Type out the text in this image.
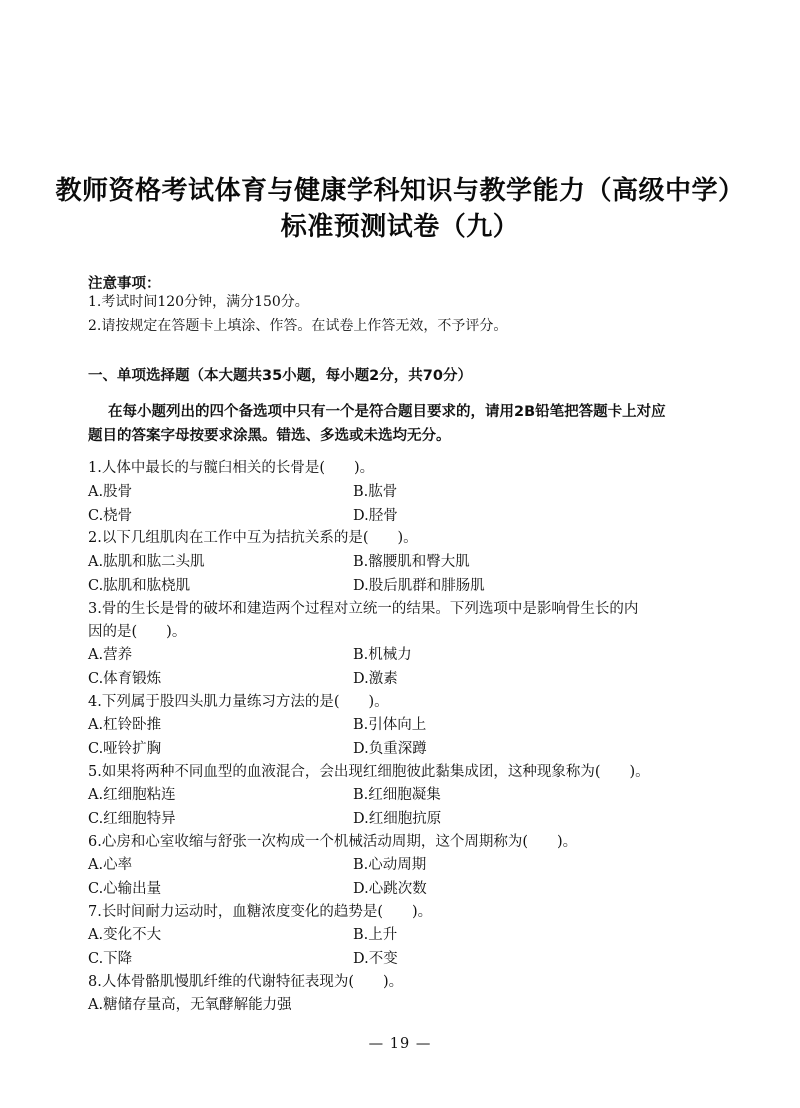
教师资格考试体育与健康学科知识与教学能力（高级中学）
标准预测试卷（九）
注意事项：
1.考试时间120分钟，满分150分。
2.请按规定在答题卡上填涂、作答。在试卷上作答无效，不予评分。
一、单项选择题（本大题共35小题，每小题2分，共70分）
在每小题列出的四个备选项中只有一个是符合题目要求的，请用2B铅笔把答题卡上对应
题目的答案字母按要求涂黑。错选、多选或未选均无分。
1.人体中最长的与髋臼相关的长骨是(　　)。
A.股骨	B.肱骨
C.桡骨	D.胫骨
2.以下几组肌肉在工作中互为拮抗关系的是(　　)。
A.肱肌和肱二头肌	B.髂腰肌和臀大肌
C.肱肌和肱桡肌	D.股后肌群和腓肠肌
3.骨的生长是骨的破坏和建造两个过程对立统一的结果。下列选项中是影响骨生长的内
因的是(　　)。
A.营养	B.机械力
C.体育锻炼	D.激素
4.下列属于股四头肌力量练习方法的是(　　)。
A.杠铃卧推	B.引体向上
C.哑铃扩胸	D.负重深蹲
5.如果将两种不同血型的血液混合，会出现红细胞彼此黏集成团，这种现象称为(　　)。
A.红细胞粘连	B.红细胞凝集
C.红细胞特异	D.红细胞抗原
6.心房和心室收缩与舒张一次构成一个机械活动周期，这个周期称为(　　)。
A.心率	B.心动周期
C.心输出量	D.心跳次数
7.长时间耐力运动时，血糖浓度变化的趋势是(　　)。
A.变化不大	B.上升
C.下降	D.不变
8.人体骨骼肌慢肌纤维的代谢特征表现为(　　)。
A.糖储存量高，无氧酵解能力强
— 19 —
